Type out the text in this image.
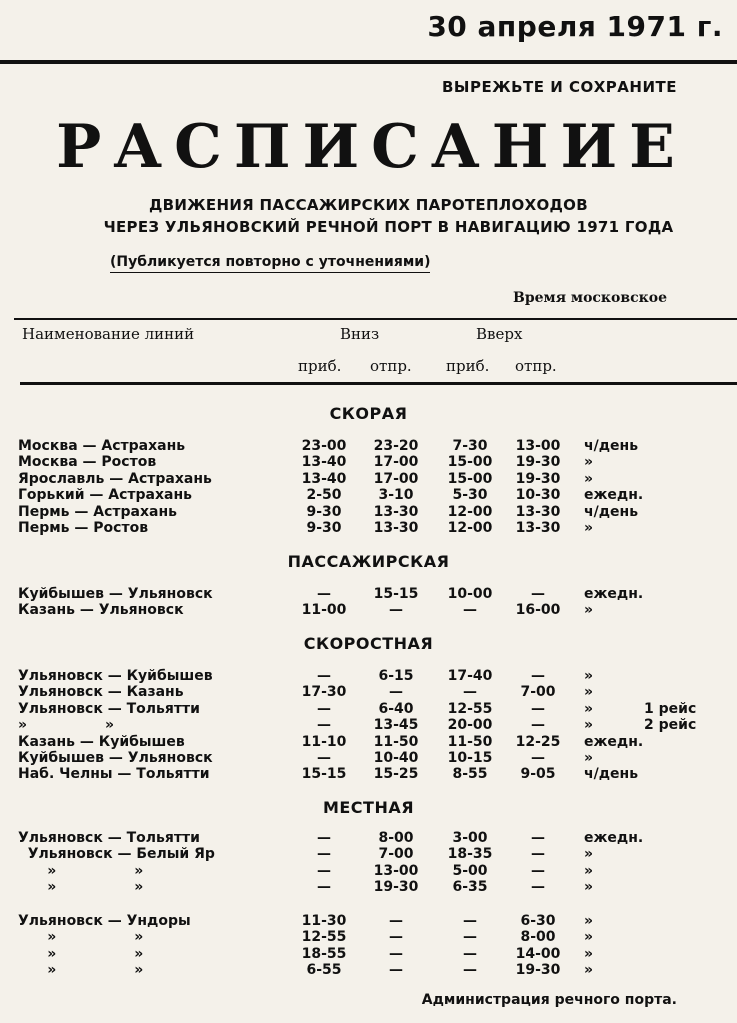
30 апреля 1971 г.
ВЫРЕЖЬТЕ И СОХРАНИТЕ
РАСПИСАНИЕ
ДВИЖЕНИЯ ПАССАЖИРСКИХ ПАРОТЕПЛОХОДОВ
ЧЕРЕЗ УЛЬЯНОВСКИЙ РЕЧНОЙ ПОРТ В НАВИГАЦИЮ 1971 ГОДА
(Публикуется повторно с уточнениями)
Время московское
Наименование линий	Вниз	Вверх
приб. отпр. приб. отпр.
СКОРАЯ
Москва — Астрахань	23-00	23-20	7-30	13-00	ч/день
Москва — Ростов	13-40	17-00	15-00	19-30	»
Ярославль — Астрахань	13-40	17-00	15-00	19-30	»
Горький — Астрахань	2-50	3-10	5-30	10-30	ежедн.
Пермь — Астрахань	9-30	13-30	12-00	13-30	ч/день
Пермь — Ростов	9-30	13-30	12-00	13-30	»
ПАССАЖИРСКАЯ
Куйбышев — Ульяновск	—	15-15	10-00	—	ежедн.
Казань — Ульяновск	11-00	—	—	16-00	»
СКОРОСТНАЯ
Ульяновск — Куйбышев	—	6-15	17-40	—	»
Ульяновск — Казань	17-30	—	—	7-00	»
Ульяновск — Тольятти	—	6-40	12-55	—	»	1 рейс
»                »	—	13-45	20-00	—	»	2 рейс
Казань — Куйбышев	11-10	11-50	11-50	12-25	ежедн.
Куйбышев — Ульяновск	—	10-40	10-15	—	»
Наб. Челны — Тольятти	15-15	15-25	8-55	9-05	ч/день
МЕСТНАЯ
Ульяновск — Тольятти	—	8-00	3-00	—	ежедн.
Ульяновск — Белый Яр	—	7-00	18-35	—	»
»                »	—	13-00	5-00	—	»
»                »	—	19-30	6-35	—	»
Ульяновск — Ундоры	11-30	—	—	6-30	»
»                »	12-55	—	—	8-00	»
»                »	18-55	—	—	14-00	»
»                »	6-55	—	—	19-30	»
Администрация речного порта.
